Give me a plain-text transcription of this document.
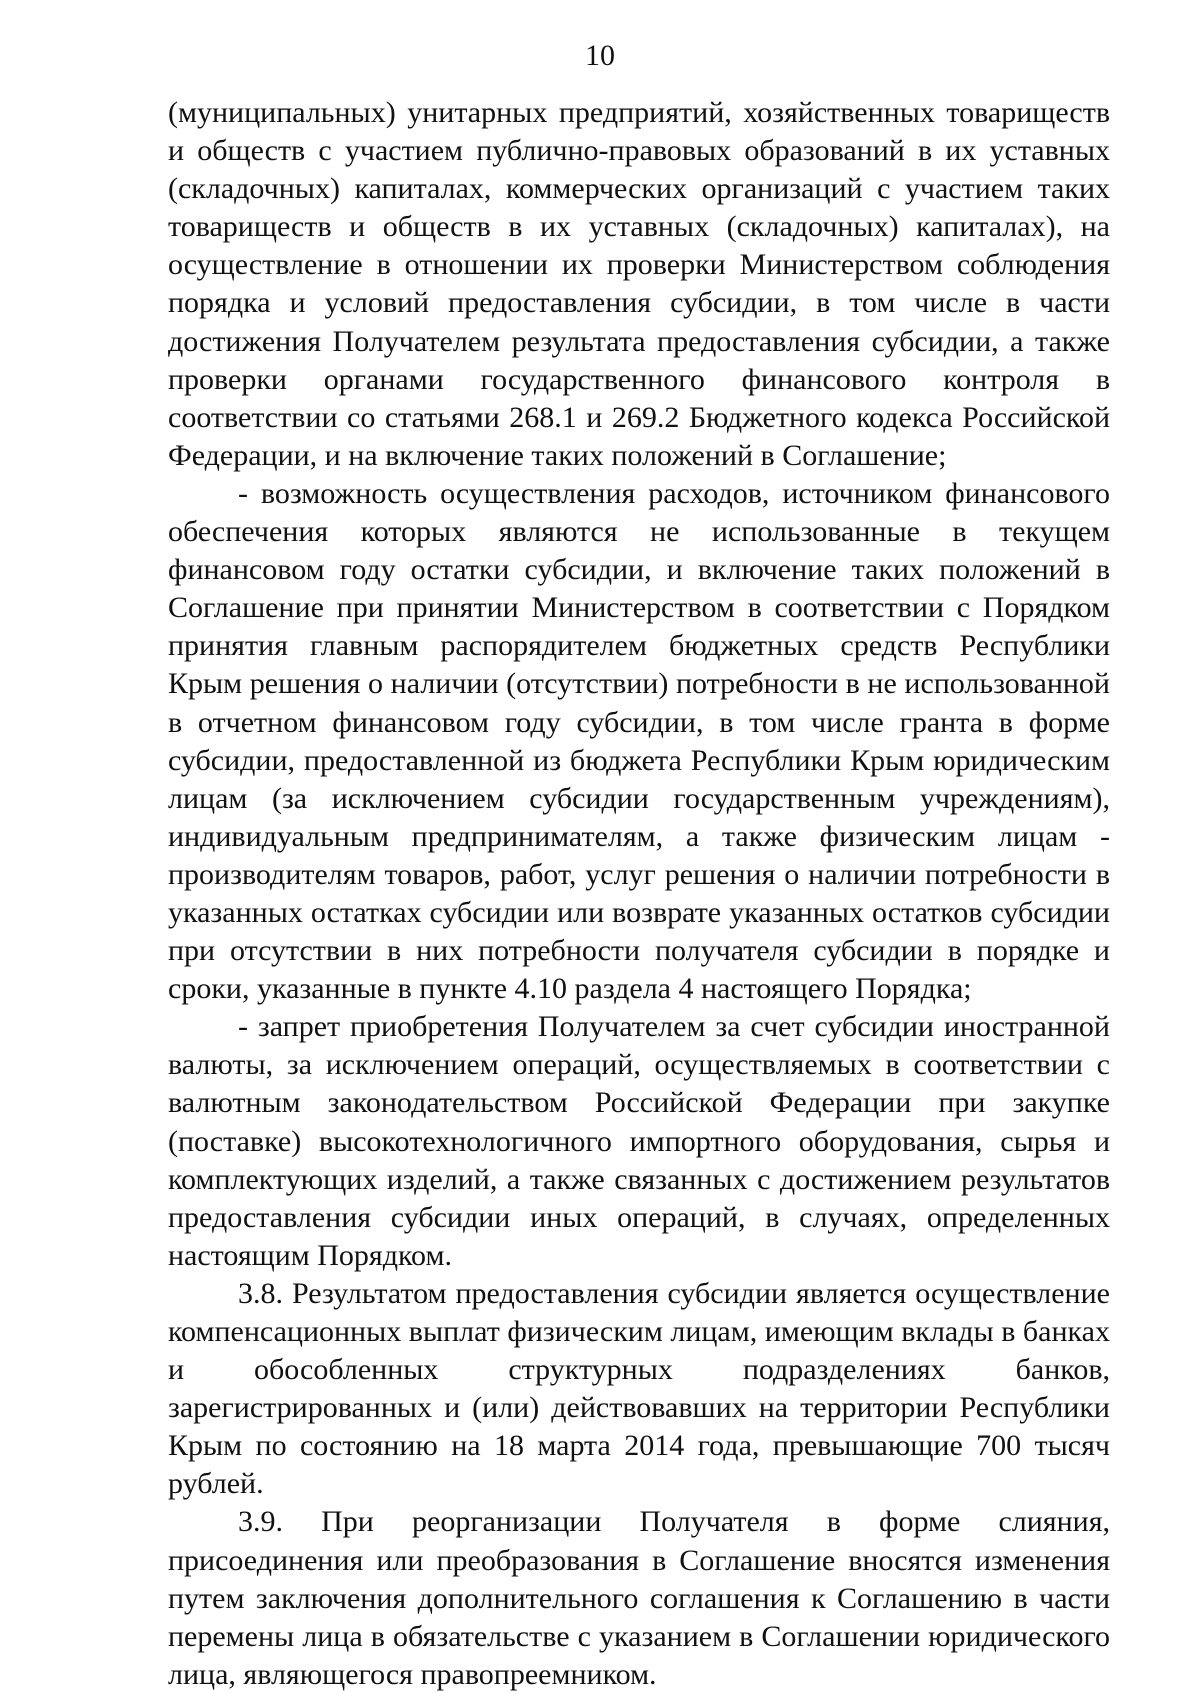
10

(муниципальных) унитарных предприятий, хозяйственных товариществ и обществ с участием публично-правовых образований в их уставных (складочных) капиталах, коммерческих организаций с участием таких товариществ и обществ в их уставных (складочных) капиталах), на осуществление в отношении их проверки Министерством соблюдения порядка и условий предоставления субсидии, в том числе в части достижения Получателем результата предоставления субсидии, а также проверки органами государственного финансового контроля в соответствии со статьями 268.1 и 269.2 Бюджетного кодекса Российской Федерации, и на включение таких положений в Соглашение;

- возможность осуществления расходов, источником финансового обеспечения которых являются не использованные в текущем финансовом году остатки субсидии, и включение таких положений в Соглашение при принятии Министерством в соответствии с Порядком принятия главным распорядителем бюджетных средств Республики Крым решения о наличии (отсутствии) потребности в не использованной в отчетном финансовом году субсидии, в том числе гранта в форме субсидии, предоставленной из бюджета Республики Крым юридическим лицам (за исключением субсидии государственным учреждениям), индивидуальным предпринимателям, а также физическим лицам - производителям товаров, работ, услуг решения о наличии потребности в указанных остатках субсидии или возврате указанных остатков субсидии при отсутствии в них потребности получателя субсидии в порядке и сроки, указанные в пункте 4.10 раздела 4 настоящего Порядка;

- запрет приобретения Получателем за счет субсидии иностранной валюты, за исключением операций, осуществляемых в соответствии с валютным законодательством Российской Федерации при закупке (поставке) высокотехнологичного импортного оборудования, сырья и комплектующих изделий, а также связанных с достижением результатов предоставления субсидии иных операций, в случаях, определенных настоящим Порядком.

3.8. Результатом предоставления субсидии является осуществление компенсационных выплат физическим лицам, имеющим вклады в банках и обособленных структурных подразделениях банков, зарегистрированных и (или) действовавших на территории Республики Крым по состоянию на 18 марта 2014 года, превышающие 700 тысяч рублей.

3.9. При реорганизации Получателя в форме слияния, присоединения или преобразования в Соглашение вносятся изменения путем заключения дополнительного соглашения к Соглашению в части перемены лица в обязательстве с указанием в Соглашении юридического лица, являющегося правопреемником.
